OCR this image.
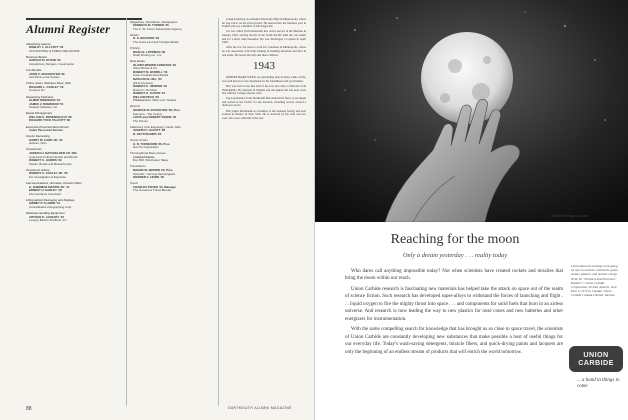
Alumni Register
Advertising Agency
ROBLEY L. ALLCOTT '20
ACCOUNTING & PUBLIC RELATIONS
Business Broker
HAROLD M. HITKIN '30
Acquisitions, Mergers, Investments
Car Rentals
JOHN C. MACHESTER '39
Avis Rent-a-Car System
China, Glass, Stainless Steel, Gifts
RICHARD L. COOLEY '18
Cooley's Inc.
Dispensing Opticians
ELMER ROBINSON '24
JAMES V. ROBINSON '51
Federal Opticians, Inc.
Estate Management
WILLIAM S. ROSENFELD III '38
RICHARD TUCK TALCOTT '38
Executive Personnel Recruitment
Aulen Personnel Service
Interior Decorating
HARRY W. CARR JR. '36
Holmes, Ohio
Investments
JOSEPH H. BATCHELDER CO. INC.
Listed and Unlisted Stocks and Bonds
ROBERT C. HARRIS '29
Stocks, Bonds and Mutual Funds
Investment Advice
ROBERT A. COALEY JR. '35
For Investigation & Expertise
Law Associations, Annuities, Pension Plans
H. SHERMAN MARTIN JR. '41
ERNEST H. EARLEY '18
Life Insurance Counselor
Lithographed Packaging and Displays
SIDNEY P. FLANNE '31
Consolidated Lithographing Corp.
Materials Handling Equipment
ARTHUR K. LOVEJOY '42
Lovejoy Electro Products, Inc.
Magazines, Periodicals, Newspapers
KENNETH W. TURNER '36
The K. W. Turner Subscription Agency
Motels
O. E. BRAYERD '29
The Jesse Lind and Triangle Motels
Printing
NOAH B. LOPPMAN '30
Noah Printing Co., Inc.
Real Estate
OLIVER BROWN CONOVER '32
Oliver Brown & Co.
ROBERT M. BURRILL '30
Cape & Islands Real Estate
MARLON W. HILL '25
Hill & Company
ROBERT C. HERRON '40
Robert C. Norrison
ROBERT H. AUSTIN '31
WILLIAM PECH '29
Philadelphia's "Main Line" Realtor
Resorts
GEORGE M. BOUGHTON '28, Pres.
Sunmoro - The Colony
LOUIS and ROBERT KEENE '20
The Kirmen
Stationery, Fine Engraving, Cards, Gifts
JOSEPH F. LEAVITT '28
B. KEYTON BIRD '23
Tennis Courts
H. N. TURNHORN '36, Pres.
Har-Tru Corporation
Thoroughbred Race Horses
Linwood Farms
Box 508, Winchester, Mass.
Translations
ROGER W. BROWN '25, Pres.
Scientific - Serving New England
WARREN C. HOWE '32
Travel
CHARLES POVER '40, Manager
The Grosvenor Travel Bureau

acting dormitory, he attended University High in Minneapolis, where he was active on the school board. He entered into the business year in Topliff and was a member of Phi Kappa Psi.

Joe was called from Dartmouth into active service in the Marines in January 1942, serving mostly in the South Pacific until the war ended and for a short time thereafter. He was discharged a Captain in April 1946.

After the war Joe went to work for a business in Minneapolis, where he was associated with firms dealing in building materials and later in real estate. He leaves his wife and three children.

1943

ROBERT MARK WEEK, an outstanding man in many walks of life, was well known to his classmates for his friendliness and good humor.

Bob was born in the first half of the war and came to Hanover from Philadelphia. He majored in English and throughout his life kept close ties with the College and the class.

Upon graduation from Dartmouth Bob entered the Navy as an ensign and served in the Pacific for the duration, including service aboard a destroyer escort.

Bob joined Dartmouth as a member of the business faculty and later worked in finance in New York. He is survived by his wife and two sons, who were with him at the end.

88	DARTMOUTH ALUMNI MAGAZINE
... a hand in things to come
Reaching for the moon
Only a dream yesterday . . . reality today

Who dares call anything impossible today? Not when scientists have created rockets and missiles that bring the moon within our reach.

Union Carbide research is fascinating new materials has helped take the attack on space out of the realm of science fiction. Such research has developed super-alloys to withstand the forces of launching and flight . . . liquid oxygen to fire the mighty thrust into space . . . and components for solid fuels that burn in an airless universe. And research is now leading the way to new plastics for nose cones and new batteries and other energizers for instrumentation.

With the same compelling search for knowledge that has brought us so close to space travel, the scientists of Union Carbide are constantly developing new substances that make possible a host of useful things for our everyday life. Today's wash-saving detergents, miracle fibers, and quick-drying paints and lacquers are only the beginning of an endless stream of products that will enrich the world tomorrow.

Learn about the exciting work going on now in carbons, chemicals, gases, metals, plastics, and nuclear energy. Write for "Products and Processes" Booklet C, Union Carbide Corporation, 30 East 42nd St., New York 17, N.Y. In Canada, Union Carbide Canada Limited, Toronto.
UNION
CARBIDE
... a hand in things to come
